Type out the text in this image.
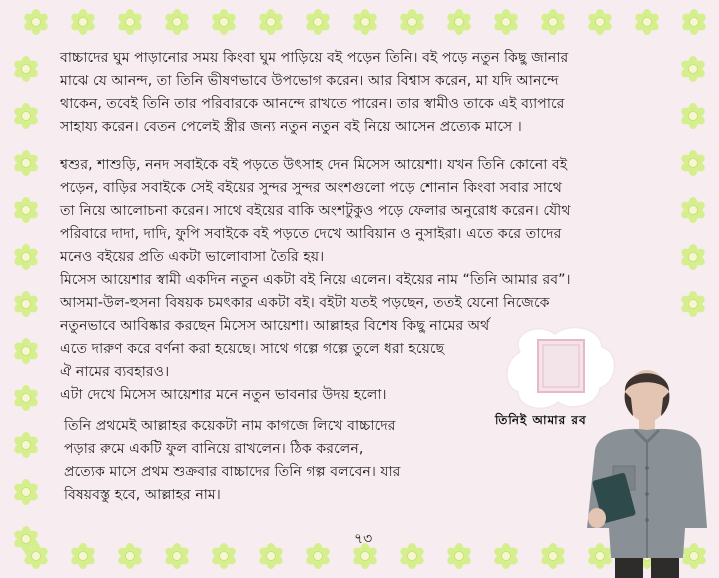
বাচ্চাদের ঘুম পাড়ানোর সময় কিংবা ঘুম পাড়িয়ে বই পড়েন তিনি। বই পড়ে নতুন কিছু জানার
মাঝে যে আনন্দ, তা তিনি ভীষণভাবে উপভোগ করেন। আর বিশ্বাস করেন, মা যদি আনন্দে
থাকেন, তবেই তিনি তার পরিবারকে আনন্দে রাখতে পারেন। তার স্বামীও তাকে এই ব্যাপারে
সাহায্য করেন। বেতন পেলেই স্ত্রীর জন্য নতুন নতুন বই নিয়ে আসেন প্রত্যেক মাসে ।
শ্বশুর, শাশুড়ি, ননদ সবাইকে বই পড়তে উৎসাহ দেন মিসেস আয়েশা। যখন তিনি কোনো বই
পড়েন, বাড়ির সবাইকে সেই বইয়ের সুন্দর সুন্দর অংশগুলো পড়ে শোনান কিংবা সবার সাথে
তা নিয়ে আলোচনা করেন। সাথে বইয়ের বাকি অংশটুকুও পড়ে ফেলার অনুরোধ করেন। যৌথ
পরিবারে দাদা, দাদি, ফুপি সবাইকে বই পড়তে দেখে আবিয়ান ও নুসাইরা। এতে করে তাদের
মনেও বইয়ের প্রতি একটা ভালোবাসা তৈরি হয়।
মিসেস আয়েশার স্বামী একদিন নতুন একটা বই নিয়ে এলেন। বইয়ের নাম “তিনি আমার রব”।
আসমা-উল-হুসনা বিষয়ক চমৎকার একটা বই। বইটা যতই পড়ছেন, ততই যেনো নিজেকে
নতুনভাবে আবিষ্কার করছেন মিসেস আয়েশা। আল্লাহর বিশেষ কিছু নামের অর্থ
এতে দারুণ করে বর্ণনা করা হয়েছে। সাথে গল্পে গল্পে তুলে ধরা হয়েছে
ঐ নামের ব্যবহারও।
এটা দেখে মিসেস আয়েশার মনে নতুন ভাবনার উদয় হলো।
তিনি প্রথমেই আল্লাহর কয়েকটা নাম কাগজে লিখে বাচ্চাদের
পড়ার রুমে একটি ফুল বানিয়ে রাখলেন। ঠিক করলেন,
প্রত্যেক মাসে প্রথম শুক্রবার বাচ্চাদের তিনি গল্প বলবেন। যার
বিষয়বস্তু হবে, আল্লাহর নাম।
তিনিই আমার রব
৭৩
